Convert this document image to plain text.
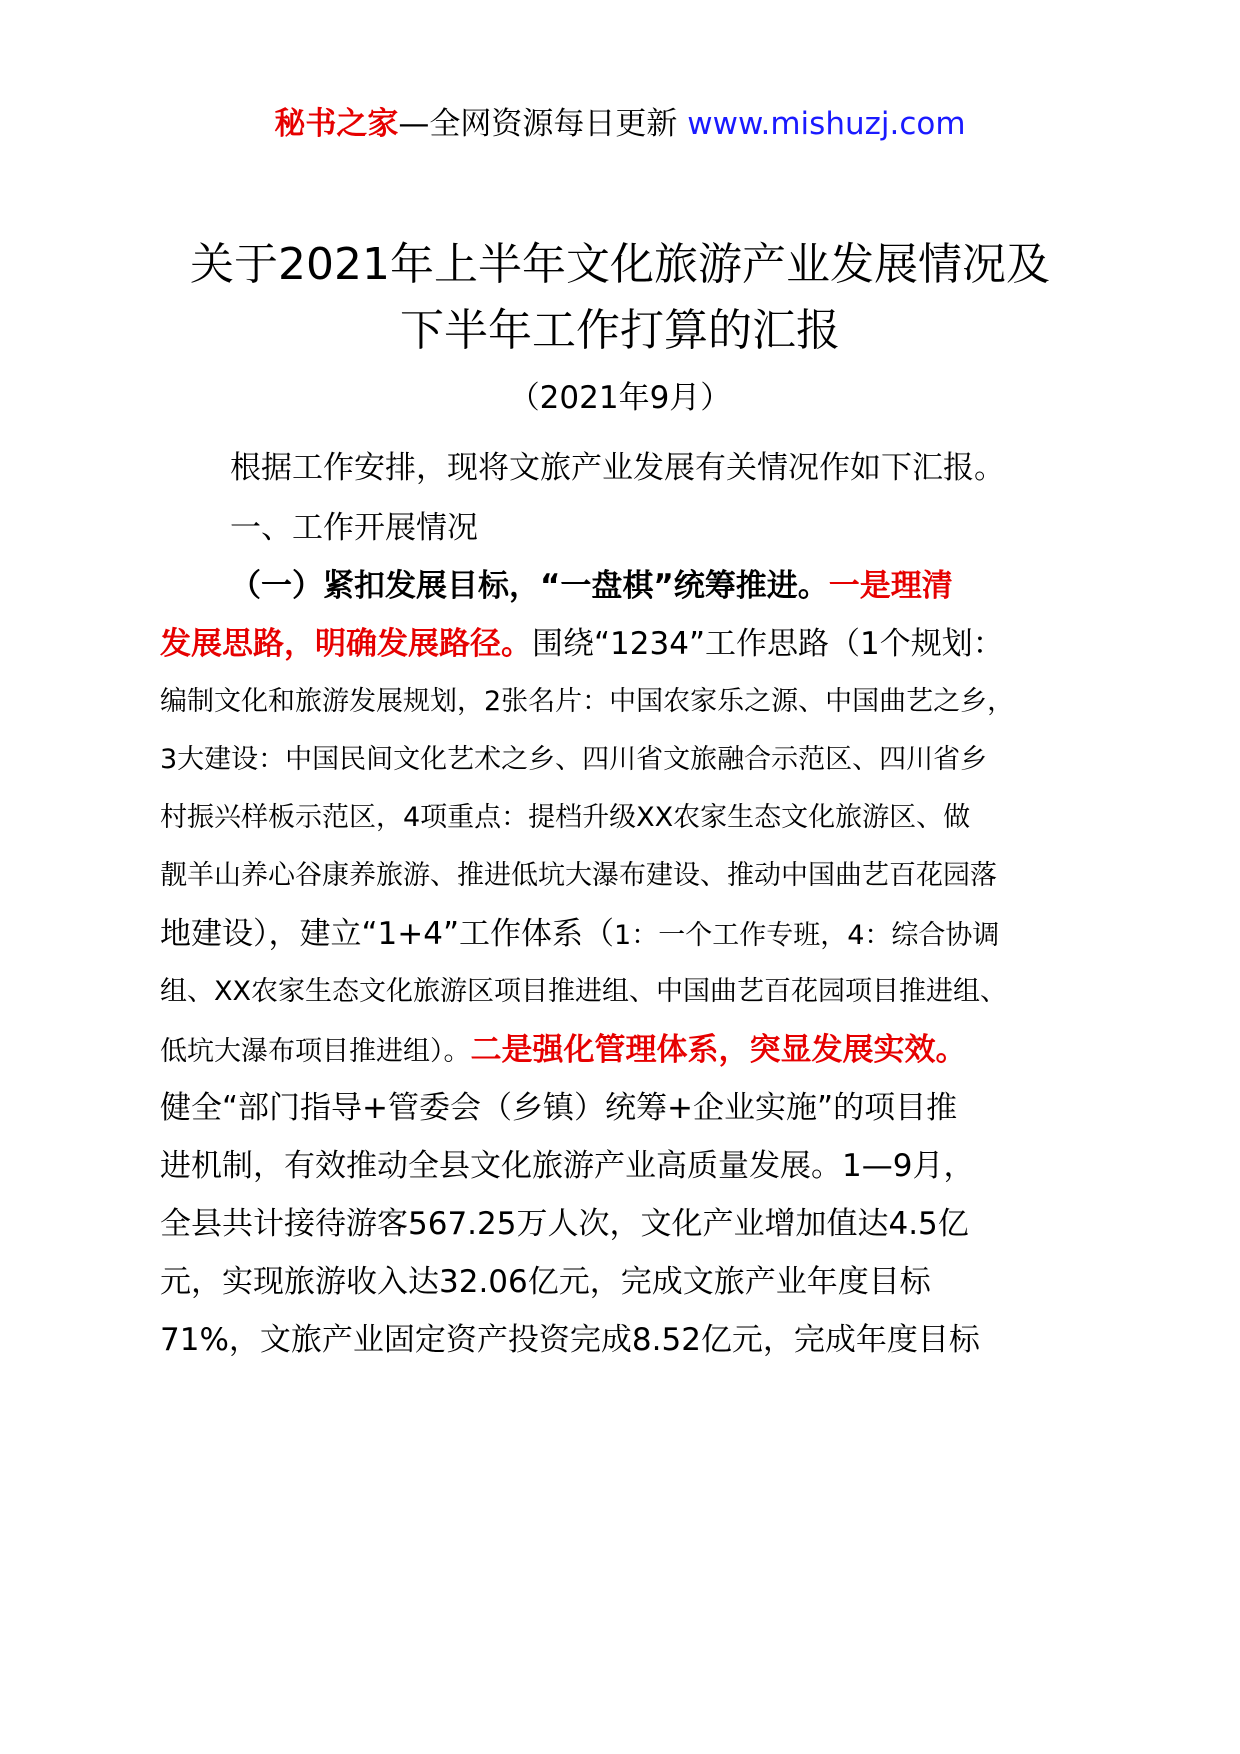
秘书之家—全网资源每日更新 www.mishuzj.com
关于2021年上半年文化旅游产业发展情况及
下半年工作打算的汇报
（2021年9月）
根据工作安排，现将文旅产业发展有关情况作如下汇报。
一、工作开展情况
（一）紧扣发展目标，“一盘棋”统筹推进。一是理清
发展思路，明确发展路径。围绕“1234”工作思路（1个规划：
编制文化和旅游发展规划，2张名片：中国农家乐之源、中国曲艺之乡，
3大建设：中国民间文化艺术之乡、四川省文旅融合示范区、四川省乡
村振兴样板示范区，4项重点：提档升级XX农家生态文化旅游区、做
靓羊山养心谷康养旅游、推进低坑大瀑布建设、推动中国曲艺百花园落
地建设），建立“1+4”工作体系（1：一个工作专班，4：综合协调
组、XX农家生态文化旅游区项目推进组、中国曲艺百花园项目推进组、
低坑大瀑布项目推进组）。二是强化管理体系，突显发展实效。
健全“部门指导+管委会（乡镇）统筹+企业实施”的项目推
进机制，有效推动全县文化旅游产业高质量发展。1—9月，
全县共计接待游客567.25万人次，文化产业增加值达4.5亿
元，实现旅游收入达32.06亿元，完成文旅产业年度目标
71%，文旅产业固定资产投资完成8.52亿元，完成年度目标
